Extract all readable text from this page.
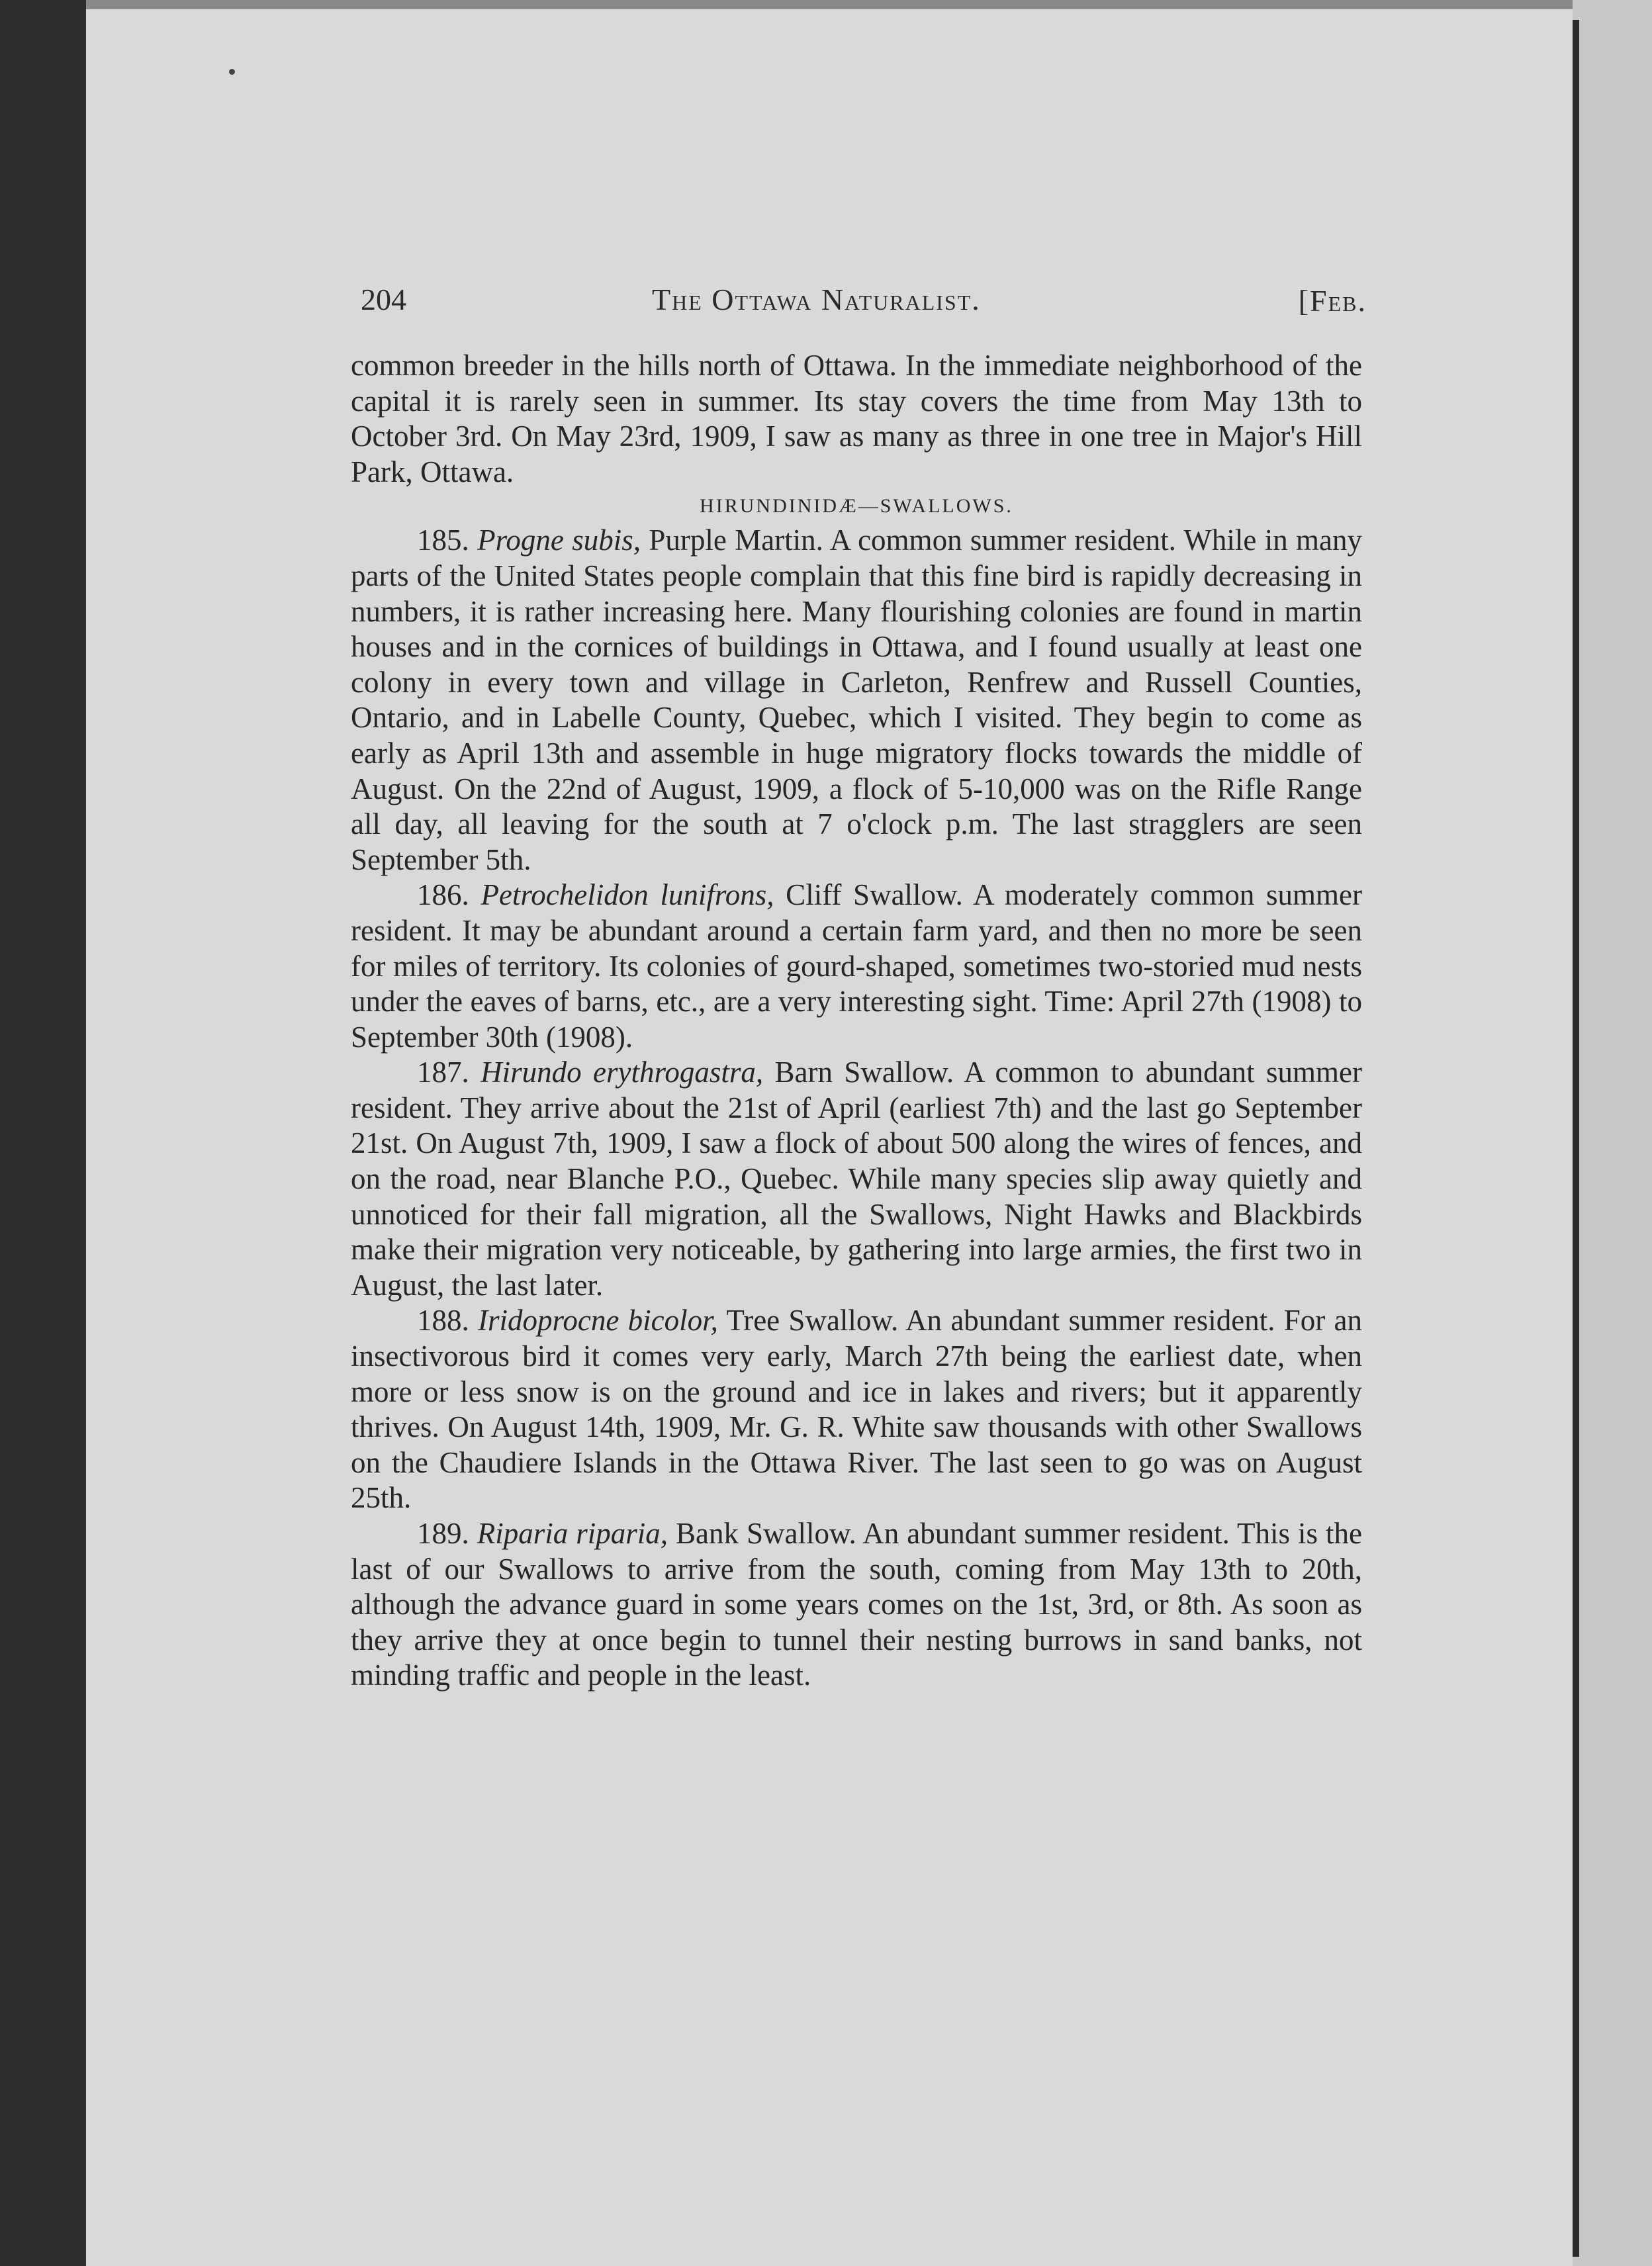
204	The Ottawa Naturalist.	[Feb.

common breeder in the hills north of Ottawa. In the immediate neighborhood of the capital it is rarely seen in summer. Its stay covers the time from May 13th to October 3rd. On May 23rd, 1909, I saw as many as three in one tree in Major's Hill Park, Ottawa.

HIRUNDINIDÆ—SWALLOWS.

185. Progne subis, Purple Martin. A common summer resident. While in many parts of the United States people complain that this fine bird is rapidly decreasing in numbers, it is rather increasing here. Many flourishing colonies are found in martin houses and in the cornices of buildings in Ottawa, and I found usually at least one colony in every town and village in Carleton, Renfrew and Russell Counties, Ontario, and in Labelle County, Quebec, which I visited. They begin to come as early as April 13th and assemble in huge migratory flocks towards the middle of August. On the 22nd of August, 1909, a flock of 5-10,000 was on the Rifle Range all day, all leaving for the south at 7 o'clock p.m. The last stragglers are seen September 5th.

186. Petrochelidon lunifrons, Cliff Swallow. A moderately common summer resident. It may be abundant around a certain farm yard, and then no more be seen for miles of territory. Its colonies of gourd-shaped, sometimes two-storied mud nests under the eaves of barns, etc., are a very interesting sight. Time: April 27th (1908) to September 30th (1908).

187. Hirundo erythrogastra, Barn Swallow. A common to abundant summer resident. They arrive about the 21st of April (earliest 7th) and the last go September 21st. On August 7th, 1909, I saw a flock of about 500 along the wires of fences, and on the road, near Blanche P.O., Quebec. While many species slip away quietly and unnoticed for their fall migration, all the Swallows, Night Hawks and Blackbirds make their migration very noticeable, by gathering into large armies, the first two in August, the last later.

188. Iridoprocne bicolor, Tree Swallow. An abundant summer resident. For an insectivorous bird it comes very early, March 27th being the earliest date, when more or less snow is on the ground and ice in lakes and rivers; but it apparently thrives. On August 14th, 1909, Mr. G. R. White saw thousands with other Swallows on the Chaudiere Islands in the Ottawa River. The last seen to go was on August 25th.

189. Riparia riparia, Bank Swallow. An abundant summer resident. This is the last of our Swallows to arrive from the south, coming from May 13th to 20th, although the advance guard in some years comes on the 1st, 3rd, or 8th. As soon as they arrive they at once begin to tunnel their nesting burrows in sand banks, not minding traffic and people in the least.
